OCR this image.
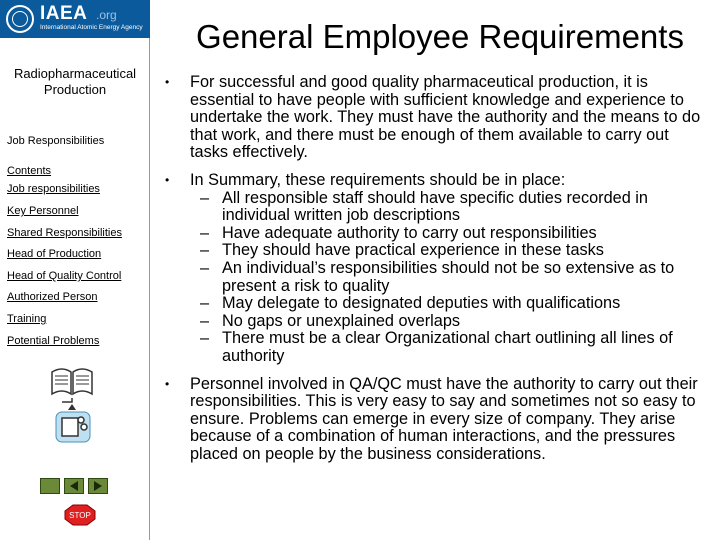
IAEA .org
International Atomic Energy Agency
Radiopharmaceutical Production
Job Responsibilities
Contents
Job responsibilities
Key Personnel
Shared Responsibilities
Head of Production
Head of Quality Control
Authorized Person
Training
Potential Problems
STOP
General Employee Requirements
• For successful and good quality pharmaceutical production, it is essential to have people with sufficient knowledge and experience to undertake the work. They must have the authority and the means to do that work, and there must be enough of them available to carry out tasks effectively.
• In Summary, these requirements should be in place:
– All responsible staff should have specific duties recorded in individual written job descriptions
– Have adequate authority to carry out responsibilities
– They should have practical experience in these tasks
– An individual’s responsibilities should not be so extensive as to present a risk to quality
– May delegate to designated deputies with qualifications
– No gaps or unexplained overlaps
– There must be a clear Organizational chart outlining all lines of authority
• Personnel involved in QA/QC must have the authority to carry out their responsibilities. This is very easy to say and sometimes not so easy to ensure. Problems can emerge in every size of company. They arise because of a combination of human interactions, and the pressures placed on people by the business considerations.
